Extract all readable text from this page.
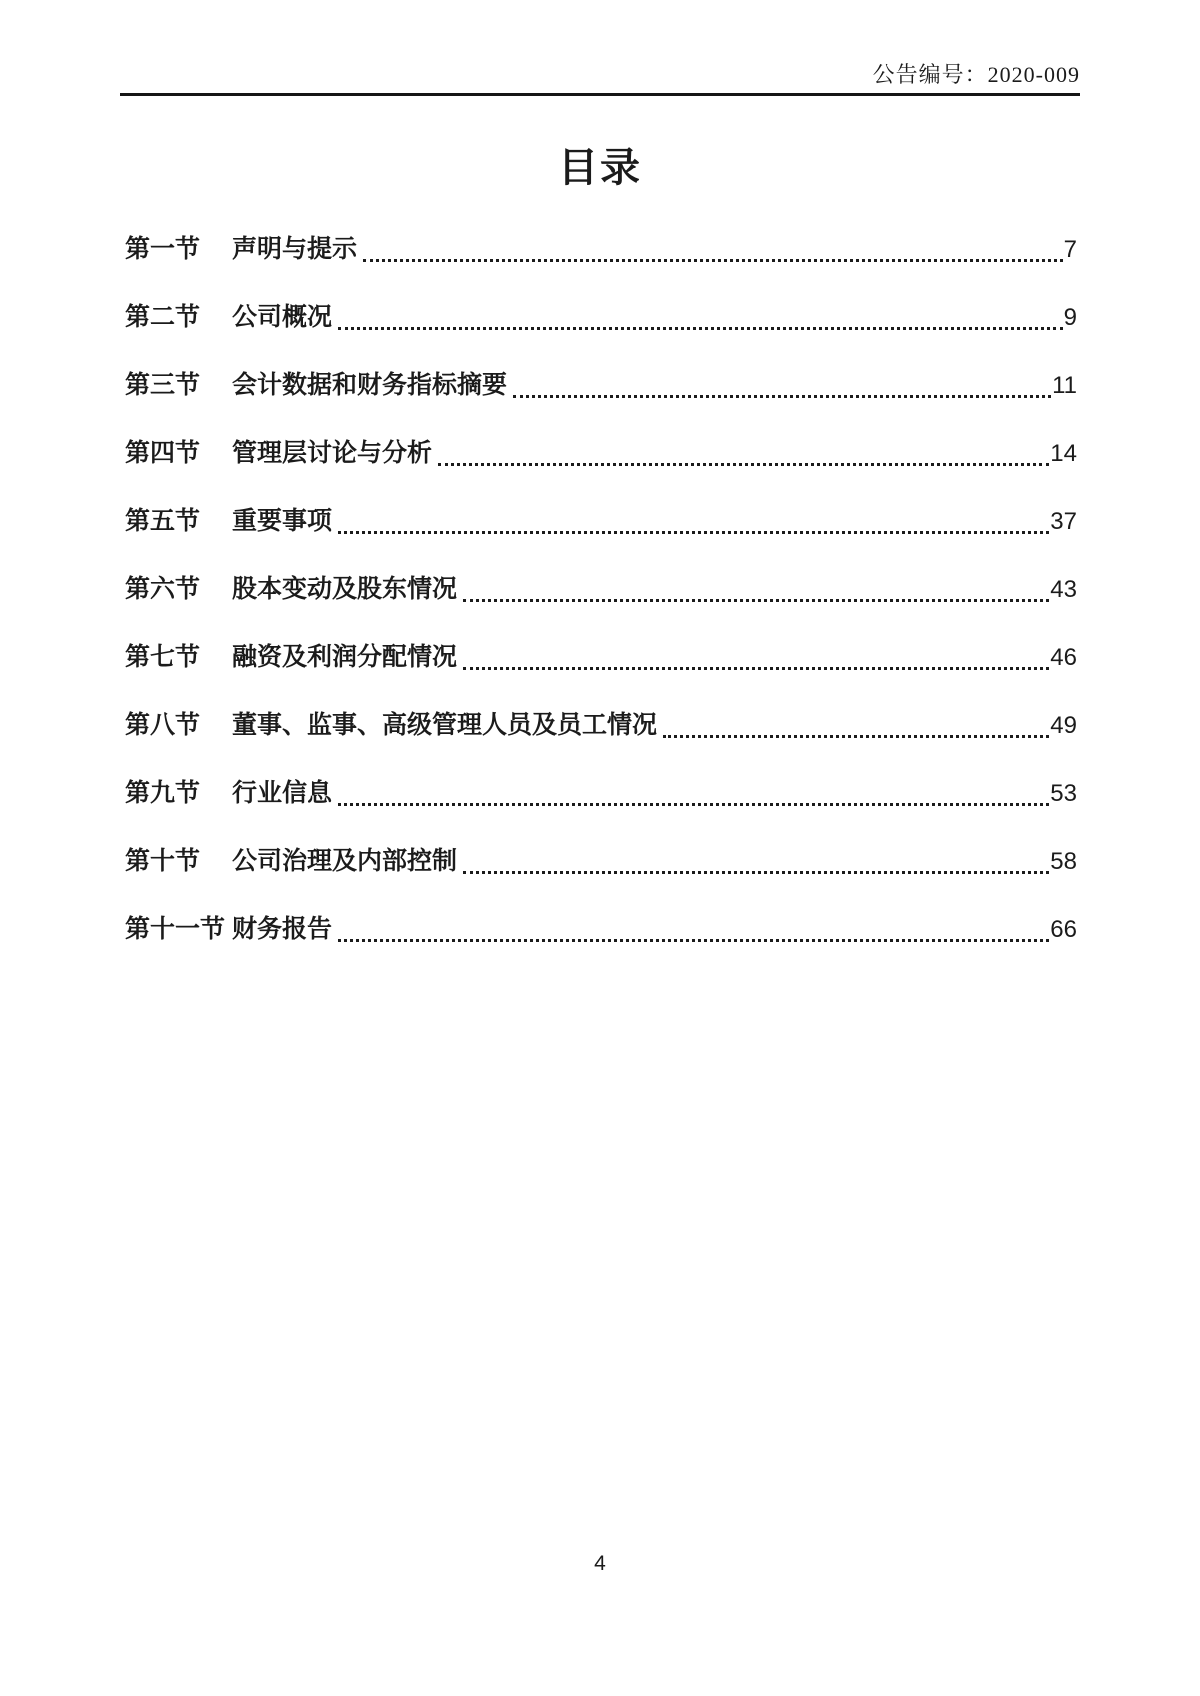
公告编号：2020-009
目录
第一节	声明与提示	7
第二节	公司概况	9
第三节	会计数据和财务指标摘要	11
第四节	管理层讨论与分析	14
第五节	重要事项	37
第六节	股本变动及股东情况	43
第七节	融资及利润分配情况	46
第八节	董事、监事、高级管理人员及员工情况	49
第九节	行业信息	53
第十节	公司治理及内部控制	58
第十一节 财务报告	66
4
